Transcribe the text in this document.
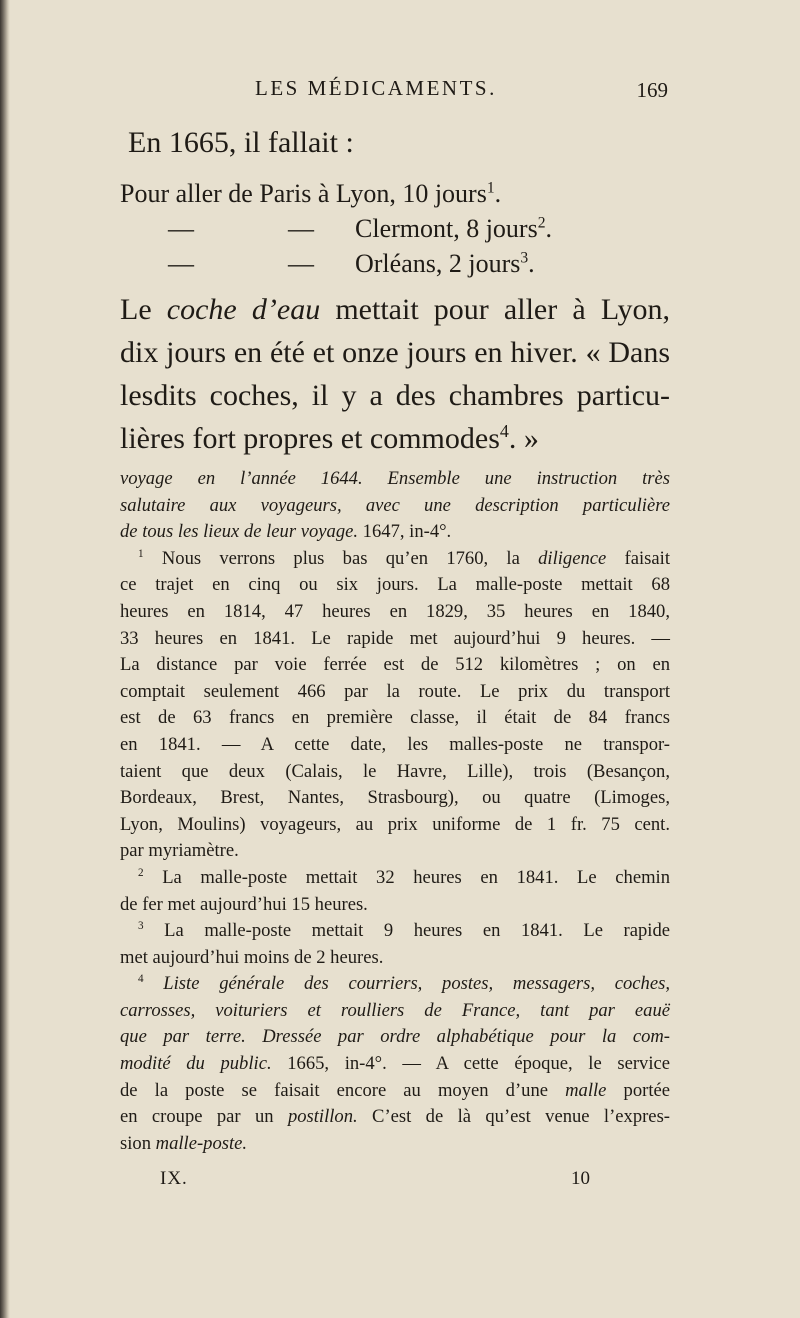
LES MÉDICAMENTS.	169
En 1665, il fallait :
Pour aller de Paris à Lyon, 10 jours$^1$.
—	— Clermont, 8 jours$^2$.
—	— Orléans, 2 jours$^3$.
Le coche d’eau mettait pour aller à Lyon,
dix jours en été et onze jours en hiver. « Dans
lesdits coches, il y a des chambres particu-
lières fort propres et commodes$^4$. »
voyage en l’année 1644. Ensemble une instruction très
salutaire aux voyageurs, avec une description particulière
de tous les lieux de leur voyage. 1647, in-4°.
$^1$ Nous verrons plus bas qu’en 1760, la diligence faisait
ce trajet en cinq ou six jours. La malle-poste mettait 68
heures en 1814, 47 heures en 1829, 35 heures en 1840,
33 heures en 1841. Le rapide met aujourd’hui 9 heures. —
La distance par voie ferrée est de 512 kilomètres ; on en
comptait seulement 466 par la route. Le prix du transport
est de 63 francs en première classe, il était de 84 francs
en 1841. — A cette date, les malles-poste ne transpor-
taient que deux (Calais, le Havre, Lille), trois (Besançon,
Bordeaux, Brest, Nantes, Strasbourg), ou quatre (Limoges,
Lyon, Moulins) voyageurs, au prix uniforme de 1 fr. 75 cent.
par myriamètre.
$^2$ La malle-poste mettait 32 heures en 1841. Le chemin
de fer met aujourd’hui 15 heures.
$^3$ La malle-poste mettait 9 heures en 1841. Le rapide
met aujourd’hui moins de 2 heures.
$^4$ Liste générale des courriers, postes, messagers, coches,
carrosses, voituriers et roulliers de France, tant par eauë
que par terre. Dressée par ordre alphabétique pour la com-
modité du public. 1665, in-4°. — A cette époque, le service
de la poste se faisait encore au moyen d’une malle portée
en croupe par un postillon. C’est de là qu’est venue l’expres-
sion malle-poste.
IX.	10
